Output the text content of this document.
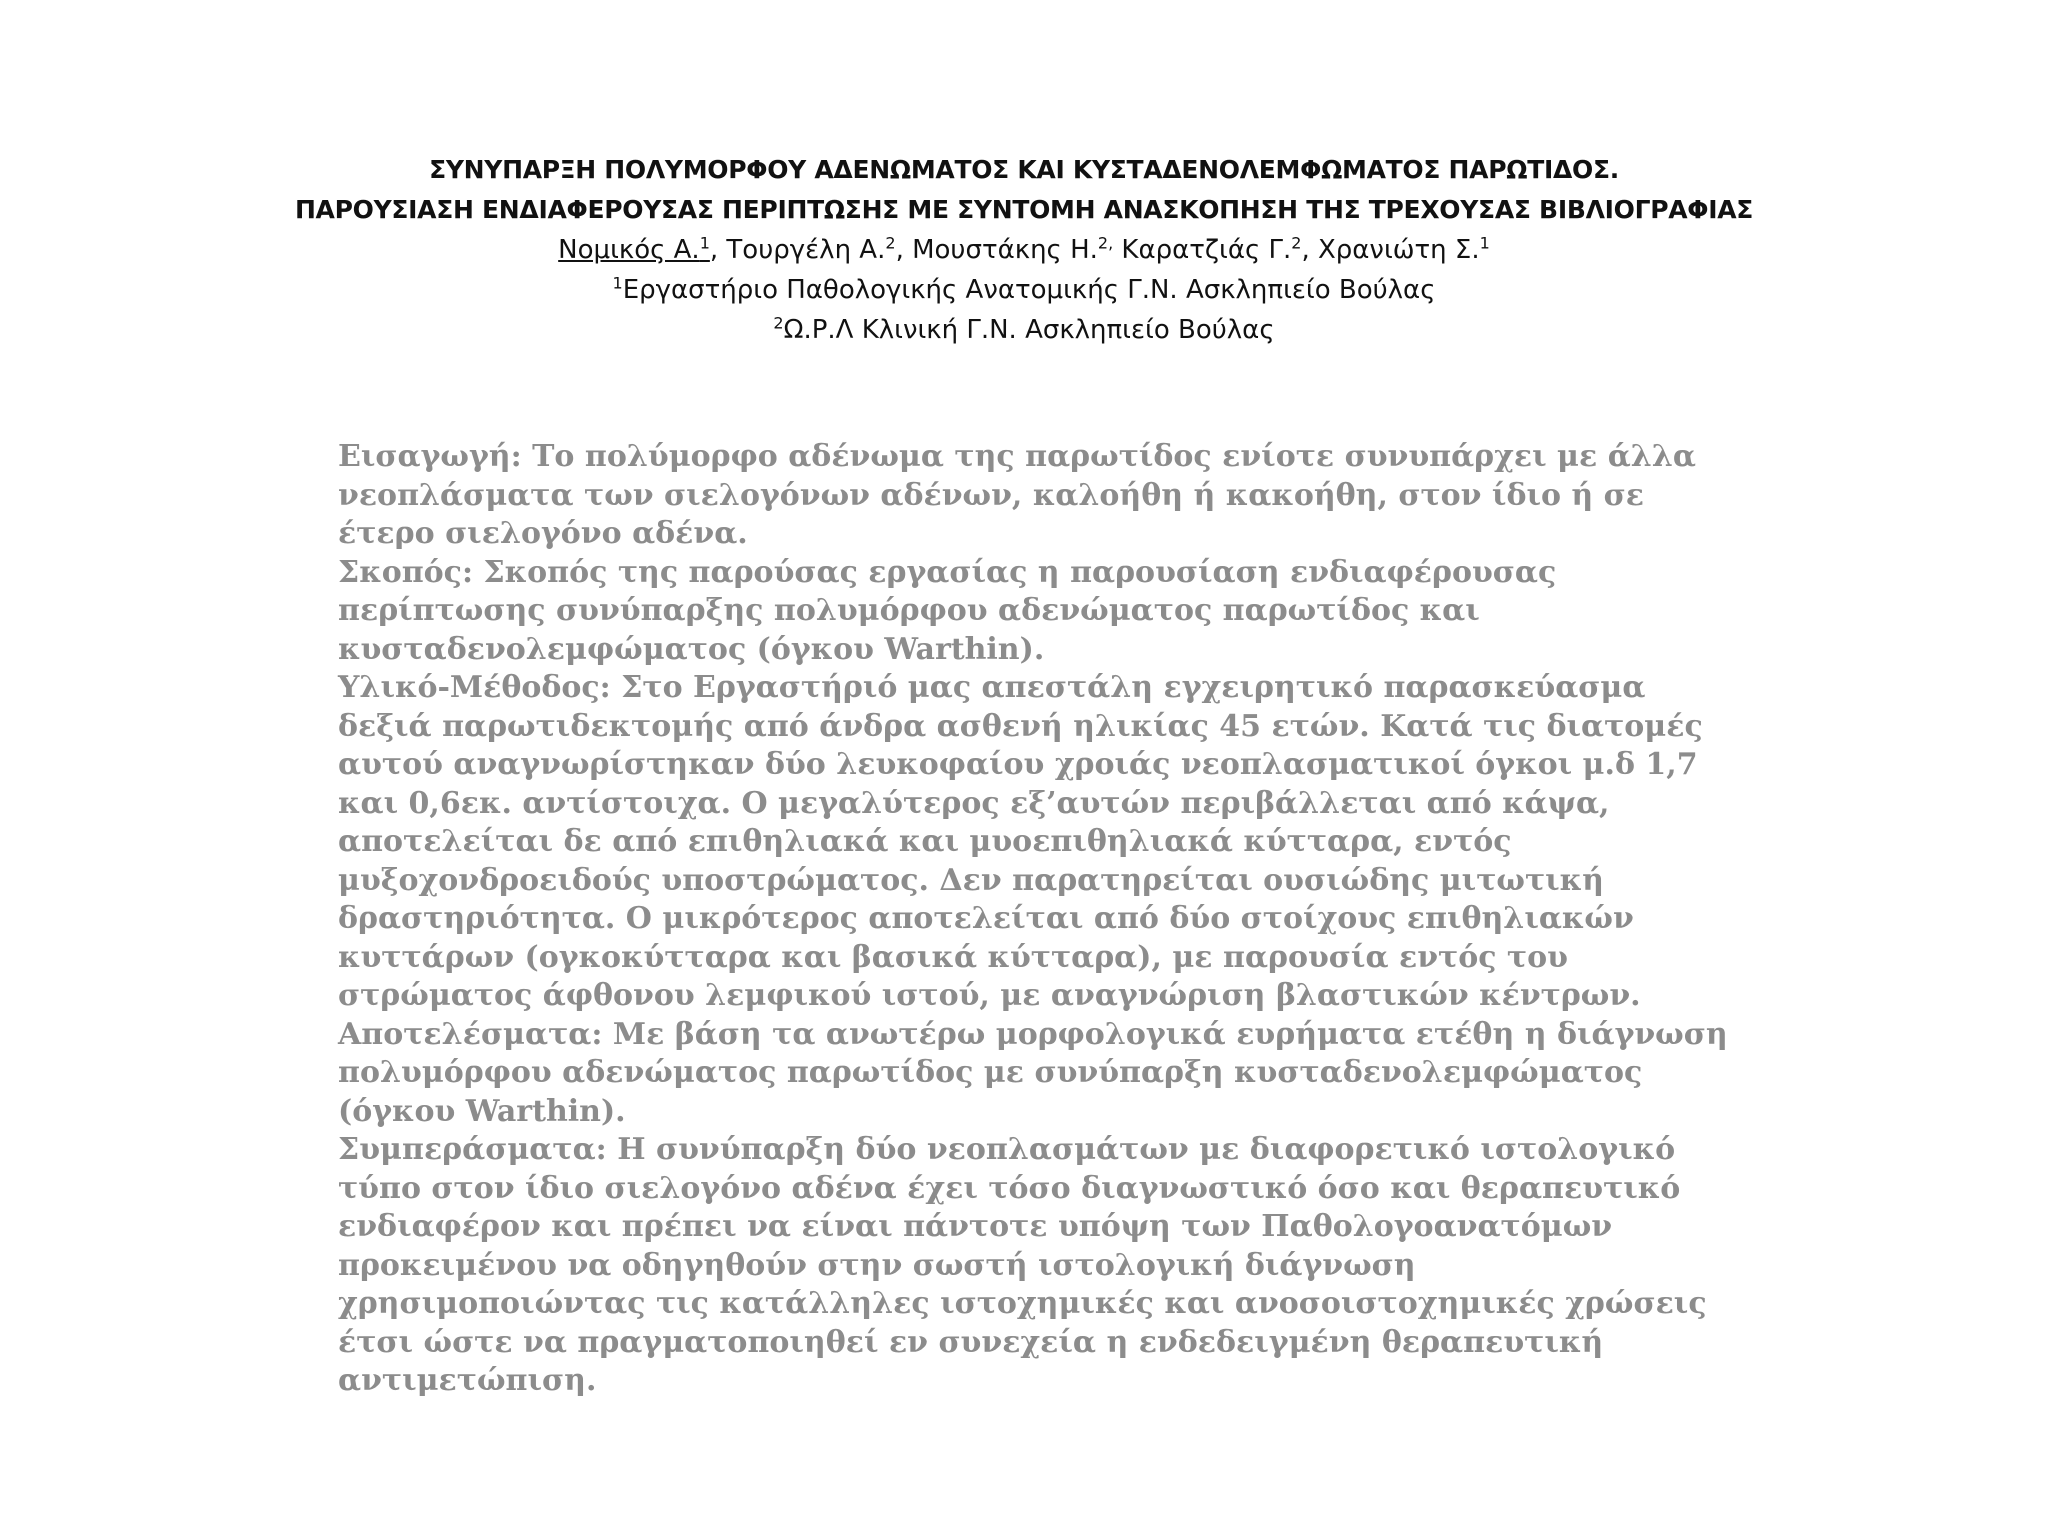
ΣΥΝΥΠΑΡΞΗ ΠΟΛΥΜΟΡΦΟΥ ΑΔΕΝΩΜΑΤΟΣ ΚΑΙ ΚΥΣΤΑΔΕΝΟΛΕΜΦΩΜΑΤΟΣ ΠΑΡΩΤΙΔΟΣ.
ΠΑΡΟΥΣΙΑΣΗ ΕΝΔΙΑΦΕΡΟΥΣΑΣ ΠΕΡΙΠΤΩΣΗΣ ΜΕ ΣΥΝΤΟΜΗ ΑΝΑΣΚΟΠΗΣΗ ΤΗΣ ΤΡΕΧΟΥΣΑΣ ΒΙΒΛΙΟΓΡΑΦΙΑΣ
Νομικός Α.$^1$, Τουργέλη Α.$^2$, Μουστάκης Η.$^{2,}$ Καρατζιάς Γ.$^2$, Χρανιώτη Σ.$^1$
$^1$Εργαστήριο Παθολογικής Ανατομικής Γ.Ν. Ασκληπιείο Βούλας
$^2$Ω.Ρ.Λ Κλινική Γ.Ν. Ασκληπιείο Βούλας

Εισαγωγή: Το πολύμορφο αδένωμα της παρωτίδος ενίοτε συνυπάρχει με άλλα νεοπλάσματα των σιελογόνων αδένων, καλοήθη ή κακοήθη, στον ίδιο ή σε έτερο σιελογόνο αδένα.

Σκοπός: Σκοπός της παρούσας εργασίας η παρουσίαση ενδιαφέρουσας περίπτωσης συνύπαρξης πολυμόρφου αδενώματος παρωτίδος και κυσταδενολεμφώματος (όγκου Warthin).

Υλικό-Μέθοδος: Στο Εργαστήριό μας απεστάλη εγχειρητικό παρασκεύασμα δεξιά παρωτιδεκτομής από άνδρα ασθενή ηλικίας 45 ετών. Κατά τις διατομές αυτού αναγνωρίστηκαν δύο λευκοφαίου χροιάς νεοπλασματικοί όγκοι μ.δ 1,7 και 0,6εκ. αντίστοιχα. Ο μεγαλύτερος εξ’αυτών περιβάλλεται από κάψα, αποτελείται δε από επιθηλιακά και μυοεπιθηλιακά κύτταρα, εντός μυξοχονδροειδούς υποστρώματος. Δεν παρατηρείται ουσιώδης μιτωτική δραστηριότητα. Ο μικρότερος αποτελείται από δύο στοίχους επιθηλιακών κυττάρων (ογκοκύτταρα και βασικά κύτταρα), με παρουσία εντός του στρώματος άφθονου λεμφικού ιστού, με αναγνώριση βλαστικών κέντρων.

Αποτελέσματα: Με βάση τα ανωτέρω μορφολογικά ευρήματα ετέθη η διάγνωση πολυμόρφου αδενώματος παρωτίδος με συνύπαρξη κυσταδενολεμφώματος (όγκου Warthin).

Συμπεράσματα: Η συνύπαρξη δύο νεοπλασμάτων με διαφορετικό ιστολογικό τύπο στον ίδιο σιελογόνο αδένα έχει τόσο διαγνωστικό όσο και θεραπευτικό ενδιαφέρον και πρέπει να είναι πάντοτε υπόψη των Παθολογοανατόμων προκειμένου να οδηγηθούν στην σωστή ιστολογική διάγνωση χρησιμοποιώντας τις κατάλληλες ιστοχημικές και ανοσοιστοχημικές χρώσεις έτσι ώστε να πραγματοποιηθεί εν συνεχεία η ενδεδειγμένη θεραπευτική αντιμετώπιση.
